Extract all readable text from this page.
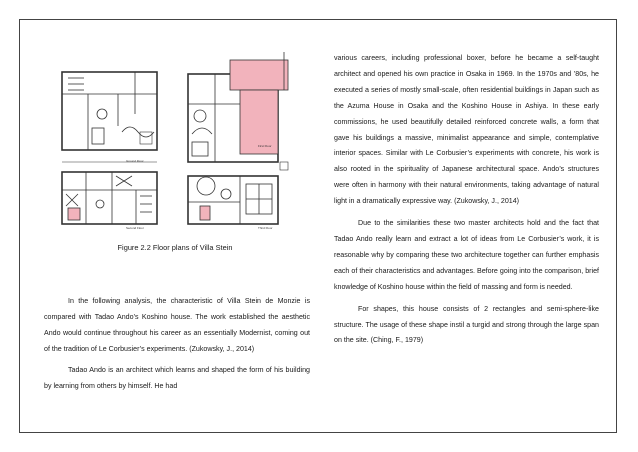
Ground Floor
First Floor
Second Floor	Third Floor
Figure 2.2 Floor plans of Villa Stein

In the following analysis, the characteristic of Villa Stein de Monzie is compared with Tadao Ando’s Koshino house. The work established the aesthetic Ando would continue throughout his career as an essentially Modernist, coming out of the tradition of Le Corbusier’s experiments. (Zukowsky, J., 2014)

Tadao Ando is an architect which learns and shaped the form of his building by learning from others by himself. He had

various careers, including professional boxer, before he became a self-taught architect and opened his own practice in Osaka in 1969. In the 1970s and ’80s, he executed a series of mostly small-scale, often residential buildings in Japan such as the Azuma House in Osaka and the Koshino House in Ashiya. In these early commissions, he used beautifully detailed reinforced concrete walls, a form that gave his buildings a massive, minimalist appearance and simple, contemplative interior spaces. Similar with Le Corbusier’s experiments with concrete, his work is also rooted in the spirituality of Japanese architectural space. Ando’s structures were often in harmony with their natural environments, taking advantage of natural light in a dramatically expressive way. (Zukowsky, J., 2014)

Due to the similarities these two master architects hold and the fact that Tadao Ando really learn and extract a lot of ideas from Le Corbusier’s work, it is reasonable why by comparing these two architecture together can further emphasis each of their characteristics and advantages. Before going into the comparison, brief knowledge of Koshino house within the field of massing and form is needed.

For shapes, this house consists of 2 rectangles and semi-sphere-like structure. The usage of these shape instil a turgid and strong through the large span on the site. (Ching, F., 1979)
